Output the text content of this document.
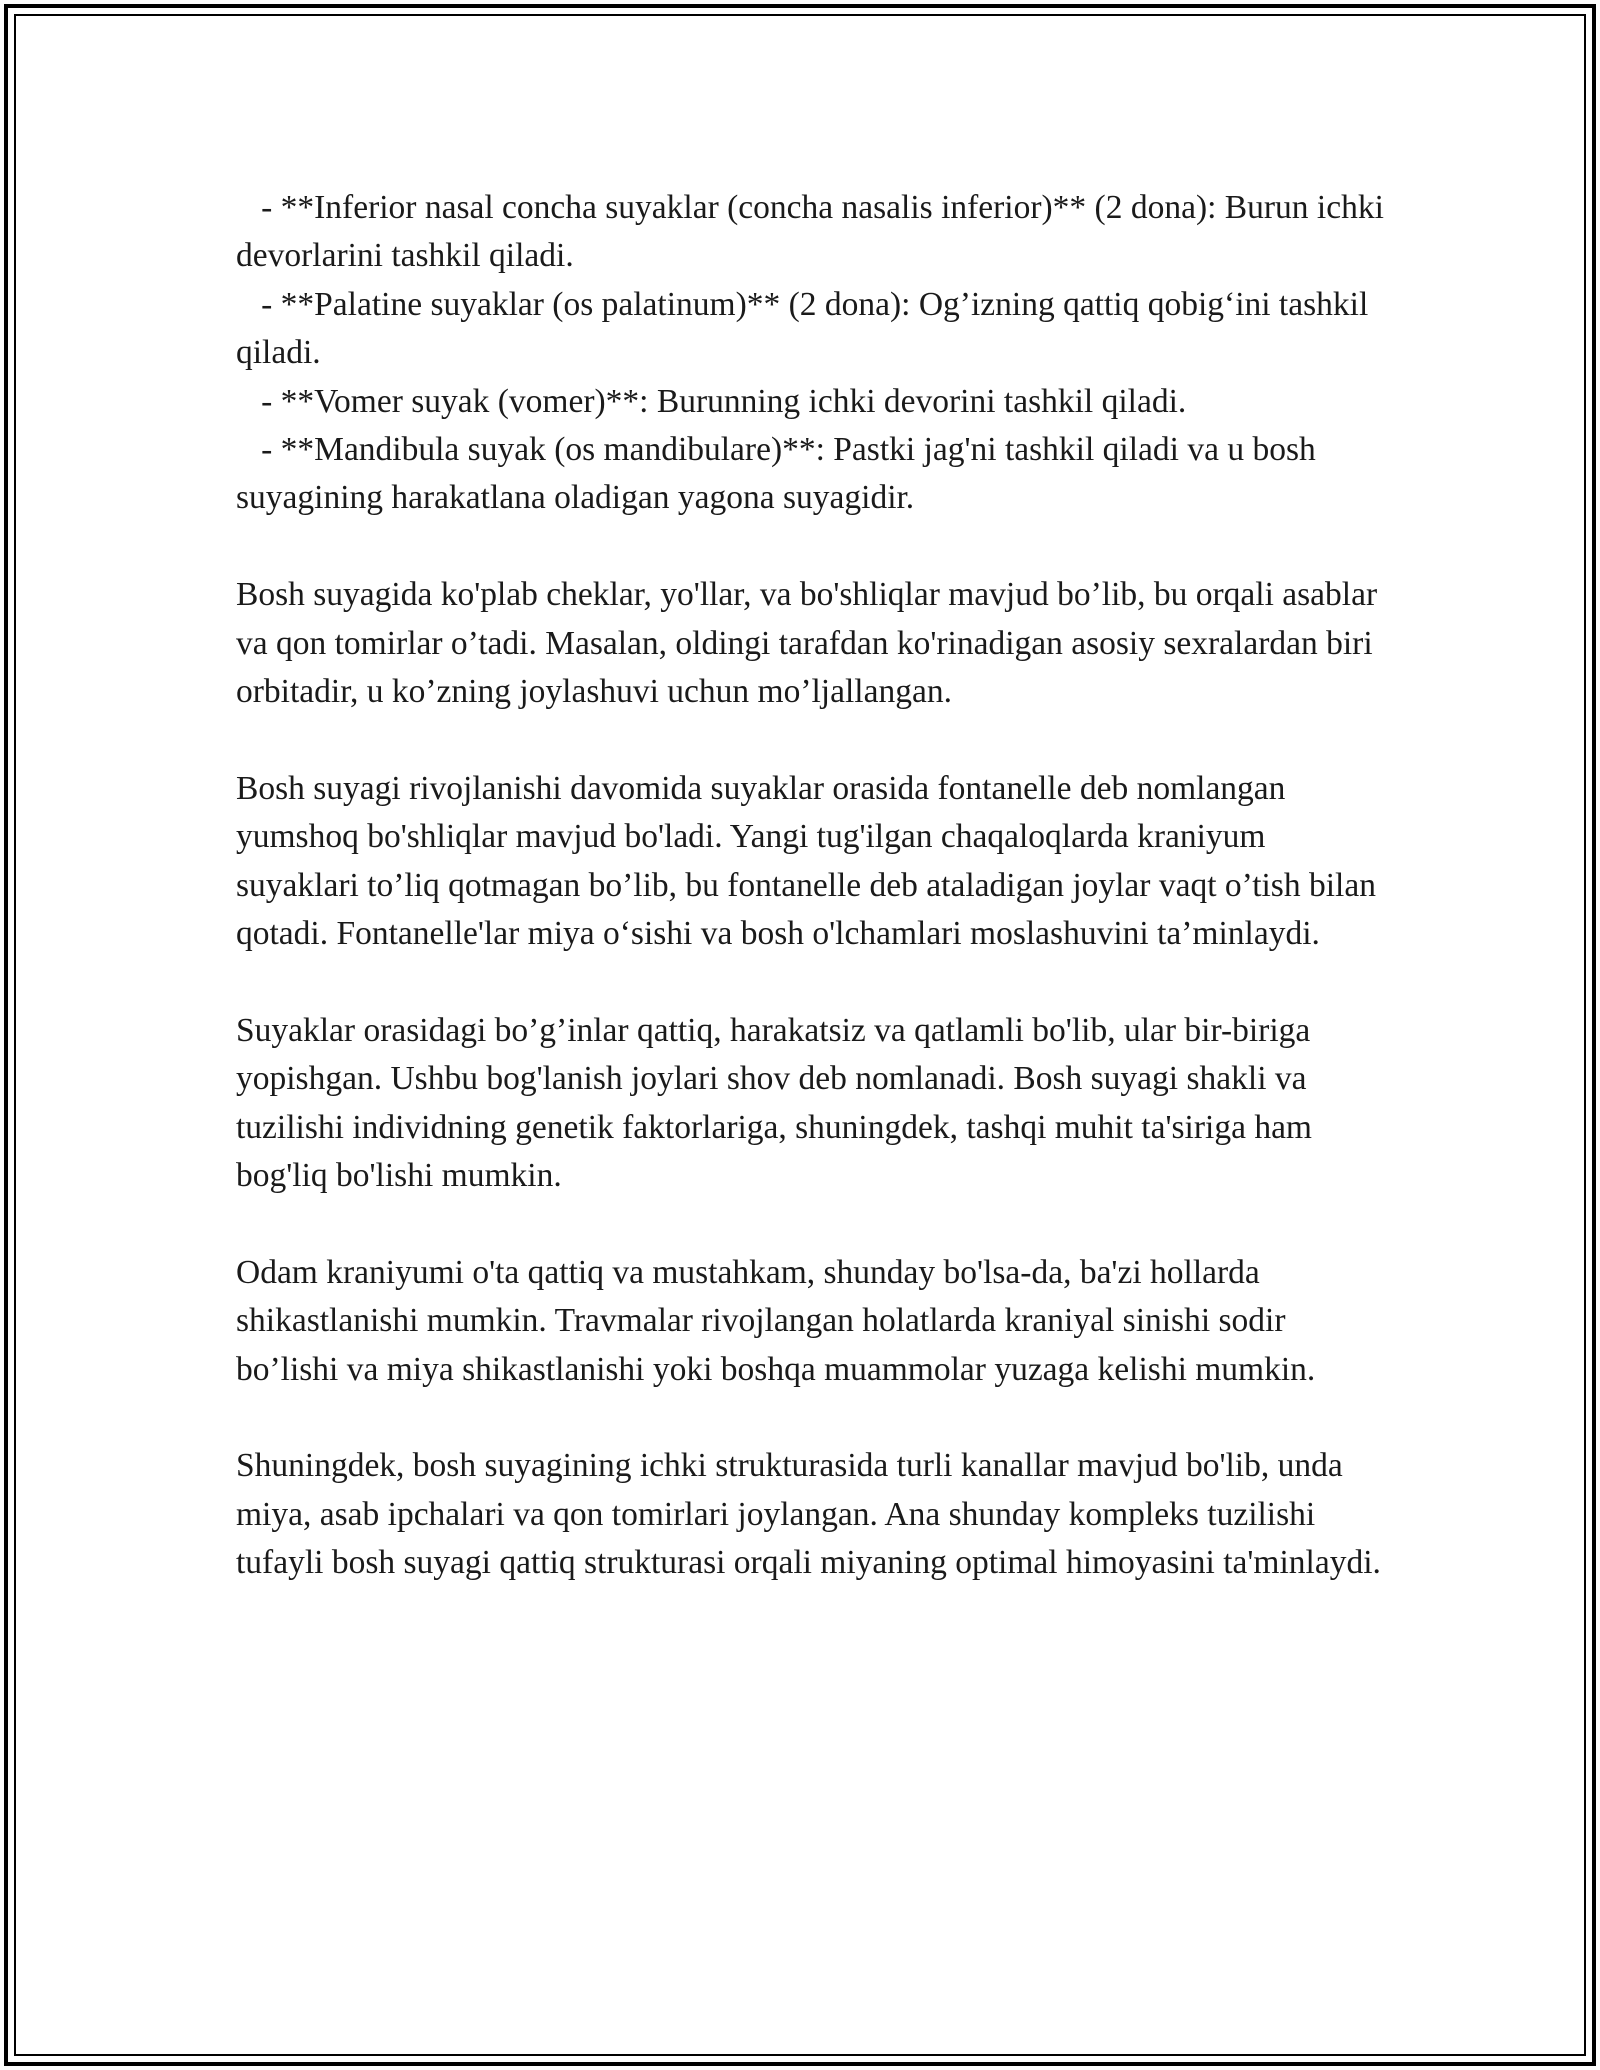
- **Inferior nasal concha suyaklar (concha nasalis inferior)** (2 dona): Burun ichki devorlarini tashkil qiladi.
- **Palatine suyaklar (os palatinum)** (2 dona): Og’izning qattiq qobig‘ini tashkil qiladi.
- **Vomer suyak (vomer)**: Burunning ichki devorini tashkil qiladi.
- **Mandibula suyak (os mandibulare)**: Pastki jag'ni tashkil qiladi va u bosh suyagining harakatlana oladigan yagona suyagidir.

Bosh suyagida ko'plab cheklar, yo'llar, va bo'shliqlar mavjud bo’lib, bu orqali asablar va qon tomirlar o’tadi. Masalan, oldingi tarafdan ko'rinadigan asosiy sexralardan biri orbitadir, u ko’zning joylashuvi uchun mo’ljallangan.

Bosh suyagi rivojlanishi davomida suyaklar orasida fontanelle deb nomlangan yumshoq bo'shliqlar mavjud bo'ladi. Yangi tug'ilgan chaqaloqlarda kraniyum suyaklari to’liq qotmagan bo’lib, bu fontanelle deb ataladigan joylar vaqt o’tish bilan qotadi. Fontanelle'lar miya o‘sishi va bosh o'lchamlari moslashuvini ta’minlaydi.

Suyaklar orasidagi bo’g’inlar qattiq, harakatsiz va qatlamli bo'lib, ular bir-biriga yopishgan. Ushbu bog'lanish joylari shov deb nomlanadi. Bosh suyagi shakli va tuzilishi individning genetik faktorlariga, shuningdek, tashqi muhit ta'siriga ham bog'liq bo'lishi mumkin.

Odam kraniyumi o'ta qattiq va mustahkam, shunday bo'lsa-da, ba'zi hollarda shikastlanishi mumkin. Travmalar rivojlangan holatlarda kraniyal sinishi sodir bo’lishi va miya shikastlanishi yoki boshqa muammolar yuzaga kelishi mumkin.

Shuningdek, bosh suyagining ichki strukturasida turli kanallar mavjud bo'lib, unda miya, asab ipchalari va qon tomirlari joylangan. Ana shunday kompleks tuzilishi tufayli bosh suyagi qattiq strukturasi orqali miyaning optimal himoyasini ta'minlaydi.
